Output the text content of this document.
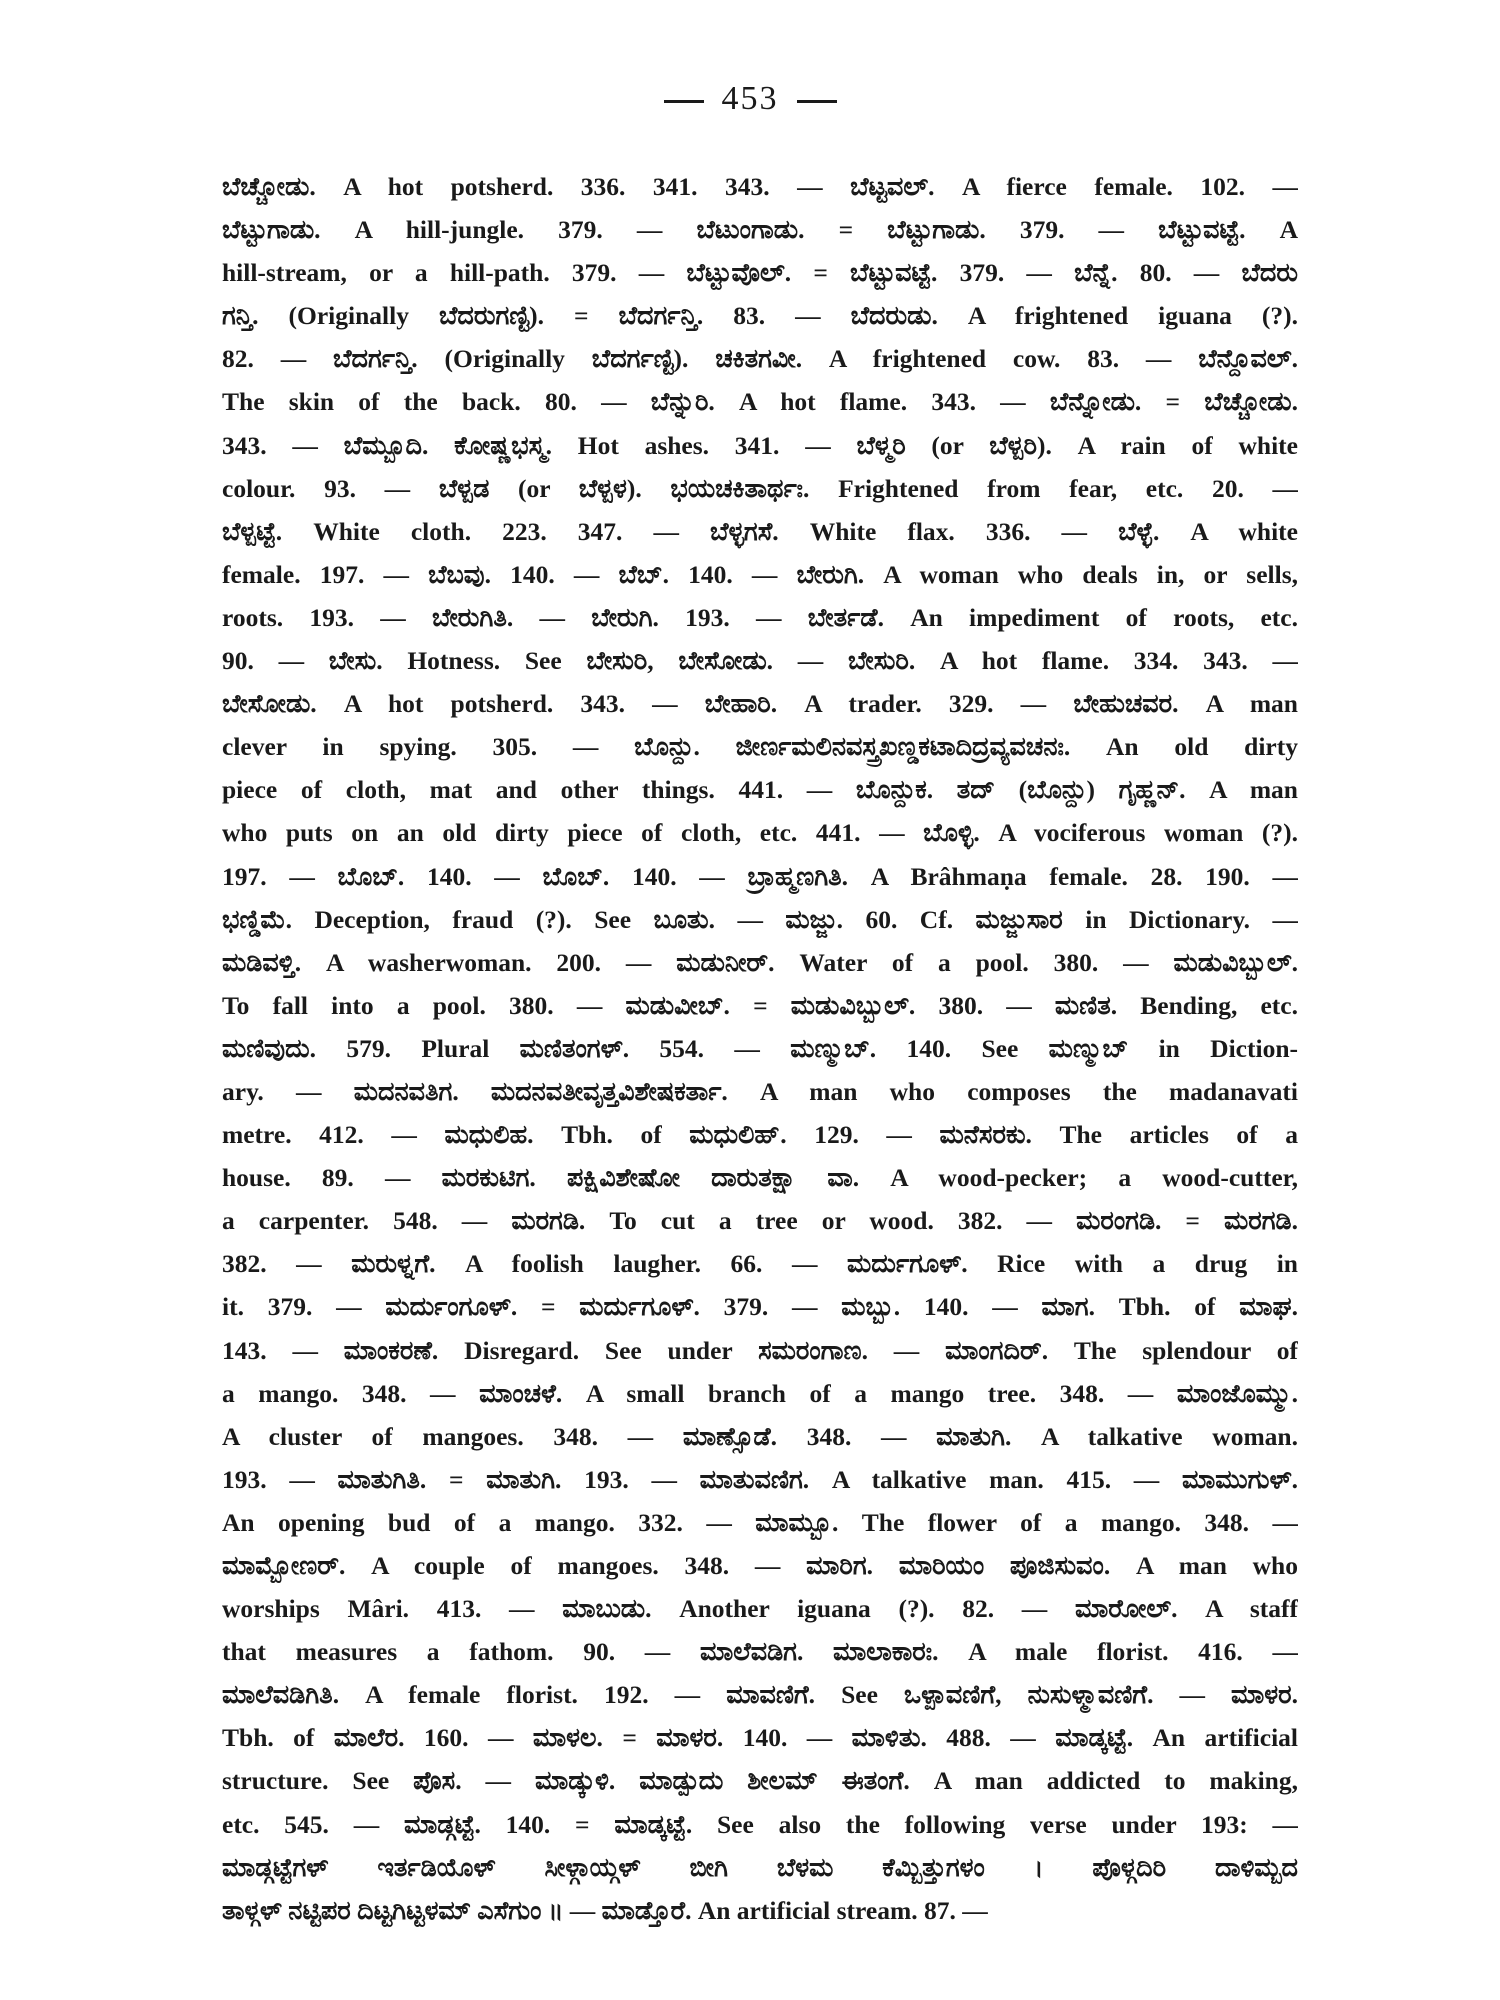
453
ಬೆಚ್ಚೋಡು. A hot potsherd. 336. 341. 343. — ಬೆಟ್ಟವಲ್. A fierce female. 102. —
ಬೆಟ್ಟುಗಾಡು. A hill-jungle. 379. — ಬೆಟುಂಗಾಡು. = ಬೆಟ್ಟುಗಾಡು. 379. — ಬೆಟ್ಟುವಟ್ಟೆ. A
hill-stream, or a hill-path. 379. — ಬೆಟ್ಟುವೊಲ್. = ಬೆಟ್ಟುವಟ್ಟೆ. 379. — ಬೆನ್ನೆ. 80. — ಬೆದರು
ಗನ್ತಿ. (Originally ಬೆದರುಗಣ್ಟಿ). = ಬೆದರ್ಗನ್ತಿ. 83. — ಬೆದರುಡು. A frightened iguana (?).
82. — ಬೆದರ್ಗನ್ತಿ. (Originally ಬೆದರ್ಗಣ್ಟಿ). ಚಕಿತಗವೀ. A frightened cow. 83. — ಬೆನ್ದೊವಲ್.
The skin of the back. 80. — ಬೆನ್ನುರಿ. A hot flame. 343. — ಬೆನ್ನೋಡು. = ಬೆಚ್ಚೋಡು.
343. — ಬೆಮ್ಬೂದಿ. ಕೋಷ್ಣಭಸ್ಮ. Hot ashes. 341. — ಬೆಳ್ಮರಿ (or ಬೆಳ್ಪರಿ). A rain of white
colour. 93. — ಬೆಳ್ಪಡ (or ಬೆಳ್ಪಳ). ಭಯಚಕಿತಾರ್ಥಃ. Frightened from fear, etc. 20. —
ಬೆಳ್ಪಟ್ಟೆ. White cloth. 223. 347. — ಬೆಳ್ಳಗಸೆ. White flax. 336. — ಬೆಳ್ಳೆ. A white
female. 197. — ಬೆಬವು. 140. — ಬೆಬ್. 140. — ಬೇರುಗಿ. A woman who deals in, or sells,
roots. 193. — ಬೇರುಗಿತಿ. — ಬೇರುಗಿ. 193. — ಬೇರ್ತಡೆ. An impediment of roots, etc.
90. — ಬೇಸು. Hotness. See ಬೇಸುರಿ, ಬೇಸೋಡು. — ಬೇಸುರಿ. A hot flame. 334. 343. —
ಬೇಸೋಡು. A hot potsherd. 343. — ಬೇಹಾರಿ. A trader. 329. — ಬೇಹುಚವರ. A man
clever in spying. 305. — ಬೊನ್ದು. ಜೀರ್ಣಮಲಿನವಸ್ತ್ರಖಣ್ಡಕಟಾದಿದ್ರವ್ಯವಚನಃ. An old dirty
piece of cloth, mat and other things. 441. — ಬೊನ್ದುಕ. ತದ್ (ಬೊನ್ದು) ಗೃಹ್ಣನ್. A man
who puts on an old dirty piece of cloth, etc. 441. — ಬೊಳ್ಳಿ. A vociferous woman (?).
197. — ಬೊಬ್. 140. — ಬೊಬ್. 140. — ಬ್ರಾಹ್ಮಣಗಿತಿ. A Brâhmaṇa female. 28. 190. —
ಭಣ್ಡಿಮೆ. Deception, fraud (?). See ಬೂತು. — ಮಜ್ಜು. 60. Cf. ಮಜ್ಜುಸಾರ in Dictionary. —
ಮಡಿವಳ್ತಿ. A washerwoman. 200. — ಮಡುನೀರ್. Water of a pool. 380. — ಮಡುವಿಬ್ಬುಲ್.
To fall into a pool. 380. — ಮಡುವೀಬ್. = ಮಡುವಿಬ್ಬುಲ್. 380. — ಮಣಿತ. Bending, etc.
ಮಣಿವುದು. 579. Plural ಮಣಿತಂಗಳ್. 554. — ಮಣ್ಮುಬ್. 140. See ಮಣ್ಮುಬ್ in Diction-
ary. — ಮದನವತಿಗ. ಮದನವತೀವೃತ್ತವಿಶೇಷಕರ್ತಾ. A man who composes the madanavati
metre. 412. — ಮಧುಲಿಹ. Tbh. of ಮಧುಲಿಹ್. 129. — ಮನೆಸರಕು. The articles of a
house. 89. — ಮರಕುಟಿಗ. ಪಕ್ಷಿವಿಶೇಷೋ ದಾರುತಕ್ಷಾ ವಾ. A wood-pecker; a wood-cutter,
a carpenter. 548. — ಮರಗಡಿ. To cut a tree or wood. 382. — ಮರಂಗಡಿ. = ಮರಗಡಿ.
382. — ಮರುಳ್ನಗೆ. A foolish laugher. 66. — ಮರ್ದುಗೂಳ್. Rice with a drug in
it. 379. — ಮರ್ದುಂಗೂಳ್. = ಮರ್ದುಗೂಳ್. 379. — ಮಬ್ಬು. 140. — ಮಾಗ. Tbh. of ಮಾಘ.
143. — ಮಾಂಕರಣೆ. Disregard. See under ಸಮರಂಗಾಣ. — ಮಾಂಗದಿರ್. The splendour of
a mango. 348. — ಮಾಂಚಳೆ. A small branch of a mango tree. 348. — ಮಾಂಜೊಮ್ಮು.
A cluster of mangoes. 348. — ಮಾಣ್ಸೊಡೆ. 348. — ಮಾತುಗಿ. A talkative woman.
193. — ಮಾತುಗಿತಿ. = ಮಾತುಗಿ. 193. — ಮಾತುವಣಿಗ. A talkative man. 415. — ಮಾಮುಗುಳ್.
An opening bud of a mango. 332. — ಮಾಮ್ಬೂ. The flower of a mango. 348. —
ಮಾಮ್ಬೋಣರ್. A couple of mangoes. 348. — ಮಾರಿಗ. ಮಾರಿಯಂ ಪೂಜಿಸುವಂ. A man who
worships Mâri. 413. — ಮಾಬುಡು. Another iguana (?). 82. — ಮಾರೋಲ್. A staff
that measures a fathom. 90. — ಮಾಲೆವಡಿಗ. ಮಾಲಾಕಾರಃ. A male florist. 416. —
ಮಾಲೆವಡಿಗಿತಿ. A female florist. 192. — ಮಾವಣಿಗೆ. See ಒಳ್ಪಾವಣಿಗೆ, ನುಸುಳ್ಮಾವಣಿಗೆ. — ಮಾಳರ.
Tbh. of ಮಾಲೆರ. 160. — ಮಾಳಲ. = ಮಾಳರ. 140. — ಮಾಳಿತು. 488. — ಮಾಡ್ಕಟ್ಟೆ. An artificial
structure. See ಪೊಸ. — ಮಾಡ್ಕುಳಿ. ಮಾಡ್ಪುದು ಶೀಲಮ್ ಈತಂಗೆ. A man addicted to making,
etc. 545. — ಮಾಡ್ಗಟ್ಟೆ. 140. = ಮಾಡ್ಕಟ್ಟೆ. See also the following verse under 193: —
ಮಾಡ್ಗಟ್ಟೆಗಳ್ ಇರ್ತಡಿಯೊಳ್ ಸೀಳ್ಗಾಯ್ಗಳ್ ಬೀಗಿ ಬೆಳಮ ಕೆಮ್ಬಿತ್ತುಗಳಂ । ಪೊಳ್ಗದಿರಿ ದಾಳಿಮ್ಬದ
ತಾಳ್ಗಳ್ ನಟ್ಟಿಪರ ದಿಟ್ಟಗಿಟ್ಟಳಮ್ ಎಸೆಗುಂ ॥ — ಮಾಡ್ತೊರೆ. An artificial stream. 87. —
